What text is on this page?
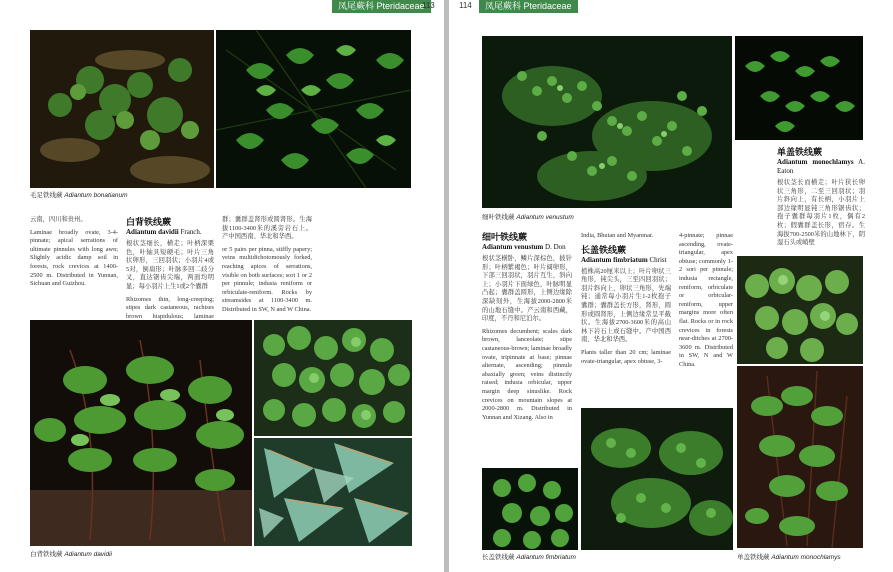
凤尾蕨科 Pteridaceae
113
毛足铁线蕨 Adiantum bonatianum

云南，四川和贵州。

Laminae broadly ovate, 3-4-pinnate; apical serrations of ultimate pinnules with long awn; Slightly acidic damp soil in forests, rock crevices at 1400-2500 m. Distributed in Yunnan, Sichuan and Guizhou.

白背铁线蕨
Adiantum davidii Franch.

根状茎细长，横走；叶柄深栗色，叶轴具短硬毛；叶片三角状卵形，三回羽状；小羽片4或5对，倒扇形；叶脉多回二歧分叉，直达锯齿尖端，两面均明显；每小羽片上生1或2个囊群

Rhizomes thin, long-creeping; stipes dark castaneous, rachises brown hispidulous; laminae

群；囊群盖肾形或圆肾形。生海拔1100-3400米的溪旁岩石上。产中国西南、华北和华西。

or 5 pairs per pinna, stiffly papery; veins multidichotomously forked, reaching apices of serrations, visible on both surfaces; sori 1 or 2 per pinnule; indusia reniform or orbiculate-reniform. Rocks by streamsides at 1100-3400 m. Distributed in SW, N and W China.

白背铁线蕨 Adiantum davidii
114	凤尾蕨科 Pteridaceae
细叶铁线蕨 Adiantum venustum
单盖铁线蕨
Adiantum monochlamys A. Eaton

根状茎长而横走；叶片狭长卵状三角形，二至三回羽状；羽片斜向上，有长柄，小羽片上部边缘明显钝三角形锯齿状；孢子囊群每羽片1枚，偶有2枚；假囊群盖长形，宿存。生海拔700-2500米的山地林下，阴湿石头或峭壁

细叶铁线蕨
Adiantum venustum D. Don

根状茎横卧，鳞片深棕色，披针形；叶柄紫褐色；叶片阔卵形，下部三回羽状，羽片互生，斜向上；小羽片下面绿色，叶脉明显凸起；囊群盖圆形，上侧边缘除深缺刻外，生海拔2000-2800米的山地石缝中。产云南和西藏，印度，不丹和尼泊尔。

Rhizomes decumbent; scales dark brown, lanceolate; stipe castaneous-brown; laminae broadly ovate, tripinnate at base; pinnae alternate, ascending; pinnule abaxially green; veins distinctly raised; indusia orbicular, upper margin deep sinuslike. Rock crevices on mountain slopes at 2000-2800 m. Distributed in Yunnan and Xizang. Also in

India, Bhutan and Myanmar.

长盖铁线蕨
Adiantum fimbriatum Christ

植株高20厘米以上；叶片卵状三角形，钝尖头，三至四回羽状；羽片斜向上，卵状三角形，先端钝；通常每小羽片生1-2枚孢子囊群；囊群盖长方形，肾形，圆形或圆肾形，上侧边缘常呈平截状。生海拔2700-3600米的高山林下岩石上或石缝中。产中国西南、华北和华西。

Plants taller than 20 cm; laminae ovate-triangular, apex obtuse, 3-

4-pinnate; pinnae ascending, ovate-triangular, apex obtuse; commonly 1-2 sori per pinnule; indusia rectangle, reniform, orbiculate or orbicular-reniform, upper margins more often flat. Rocks or in rock crevices in forests near-ditches at 2700-3600 m. Distributed in SW, N and W China.

长盖铁线蕨 Adiantum fimbriatum	单盖铁线蕨 Adiantum monochlamys
